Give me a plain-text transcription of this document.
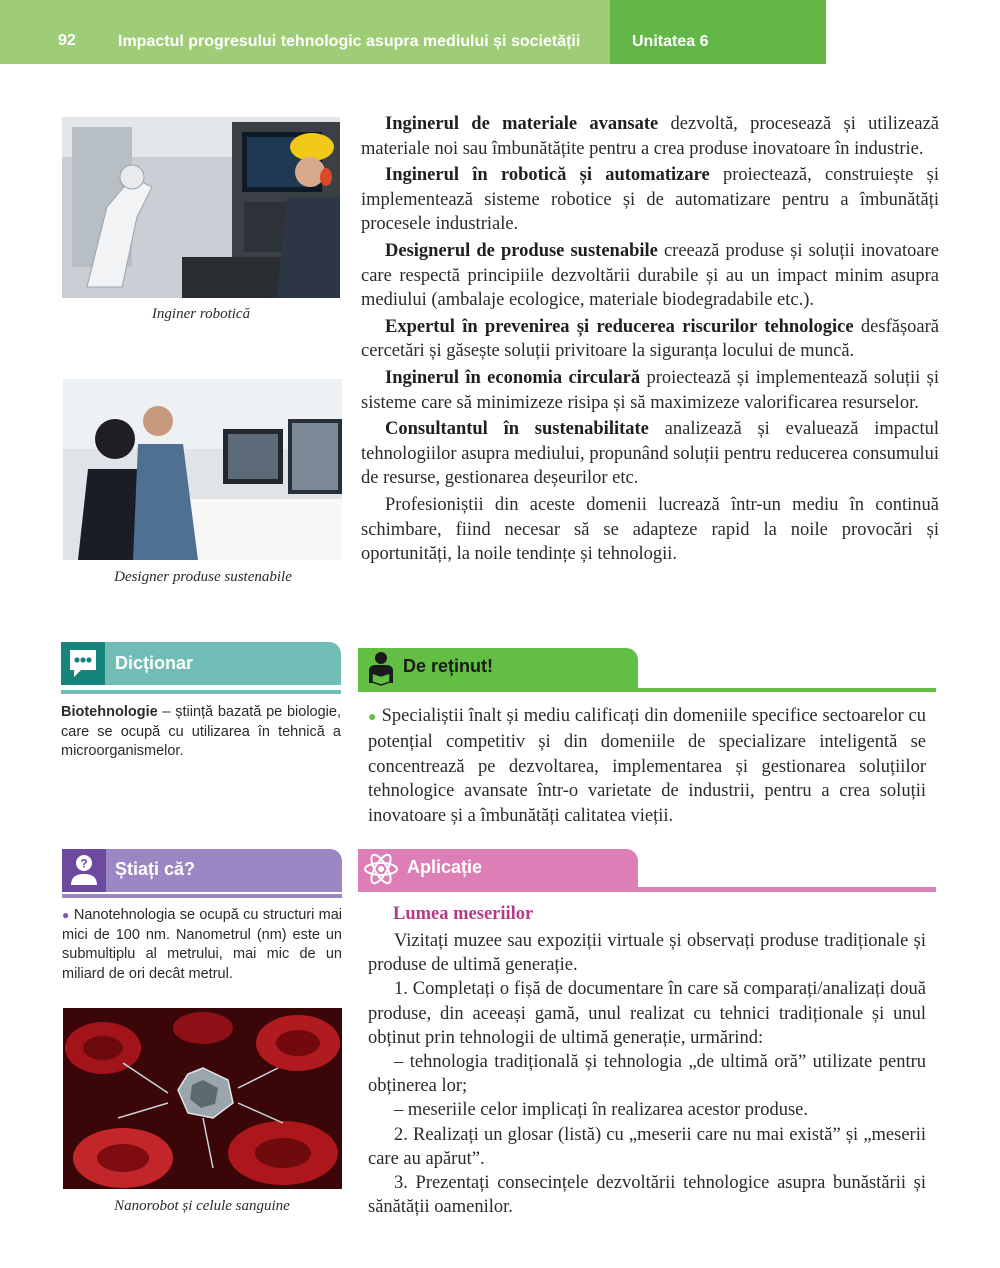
92	Impactul progresului tehnologic asupra mediului și societății	Unitatea 6
Inginer robotică
Designer produse sustenabile

Inginerul de materiale avansate dezvoltă, procesează și utilizează materiale noi sau îmbunătățite pentru a crea produse inovatoare în industrie.

Inginerul în robotică și automatizare proiectează, construiește și implementează sisteme robotice și de automatizare pentru a îmbunătăți procesele industriale.

Designerul de produse sustenabile creează produse și soluții inovatoare care respectă principiile dezvoltării durabile și au un impact minim asupra mediului (ambalaje ecologice, materiale biodegradabile etc.).

Expertul în prevenirea și reducerea riscurilor tehnologice desfășoară cercetări și găsește soluții privitoare la siguranța locului de muncă.

Inginerul în economia circulară proiectează și implementează soluții și sisteme care să minimizeze risipa și să maximizeze valorificarea resurselor.

Consultantul în sustenabilitate analizează și evaluează impactul tehnologiilor asupra mediului, propunând soluții pentru reducerea consumului de resurse, gestionarea deșeurilor etc.

Profesioniștii din aceste domenii lucrează într-un mediu în continuă schimbare, fiind necesar să se adapteze rapid la noile provocări și oportunități, la noile tendințe și tehnologii.

Dicționar
Biotehnologie – știință bazată pe biologie, care se ocupă cu utilizarea în tehnică a microorganismelor.
De reținut!
● Specialiștii înalt și mediu calificați din domeniile specifice sectoarelor cu potențial competitiv și din domeniile de specializare inteligentă se concentrează pe dezvoltarea, implementarea și gestionarea soluțiilor tehnologice avansate într-o varietate de industrii, pentru a crea soluții inovatoare și a îmbunătăți calitatea vieții.
? Știați că?
● Nanotehnologia se ocupă cu structuri mai mici de 100 nm. Nanometrul (nm) este un submultiplu al metrului, mai mic de un miliard de ori decât metrul.
Nanorobot și celule sanguine
Aplicație
Lumea meseriilor
Vizitați muzee sau expoziții virtuale și observați produse tradiționale și produse de ultimă generație.
1. Completați o fișă de documentare în care să comparați/analizați două produse, din aceeași gamă, unul realizat cu tehnici tradiționale și unul obținut prin tehnologii de ultimă generație, urmărind:
– tehnologia tradițională și tehnologia „de ultimă oră” utilizate pentru obținerea lor;
– meseriile celor implicați în realizarea acestor produse.
2. Realizați un glosar (listă) cu „meserii care nu mai există” și „meserii care au apărut”.
3. Prezentați consecințele dezvoltării tehnologice asupra bunăstării și sănătății oamenilor.
